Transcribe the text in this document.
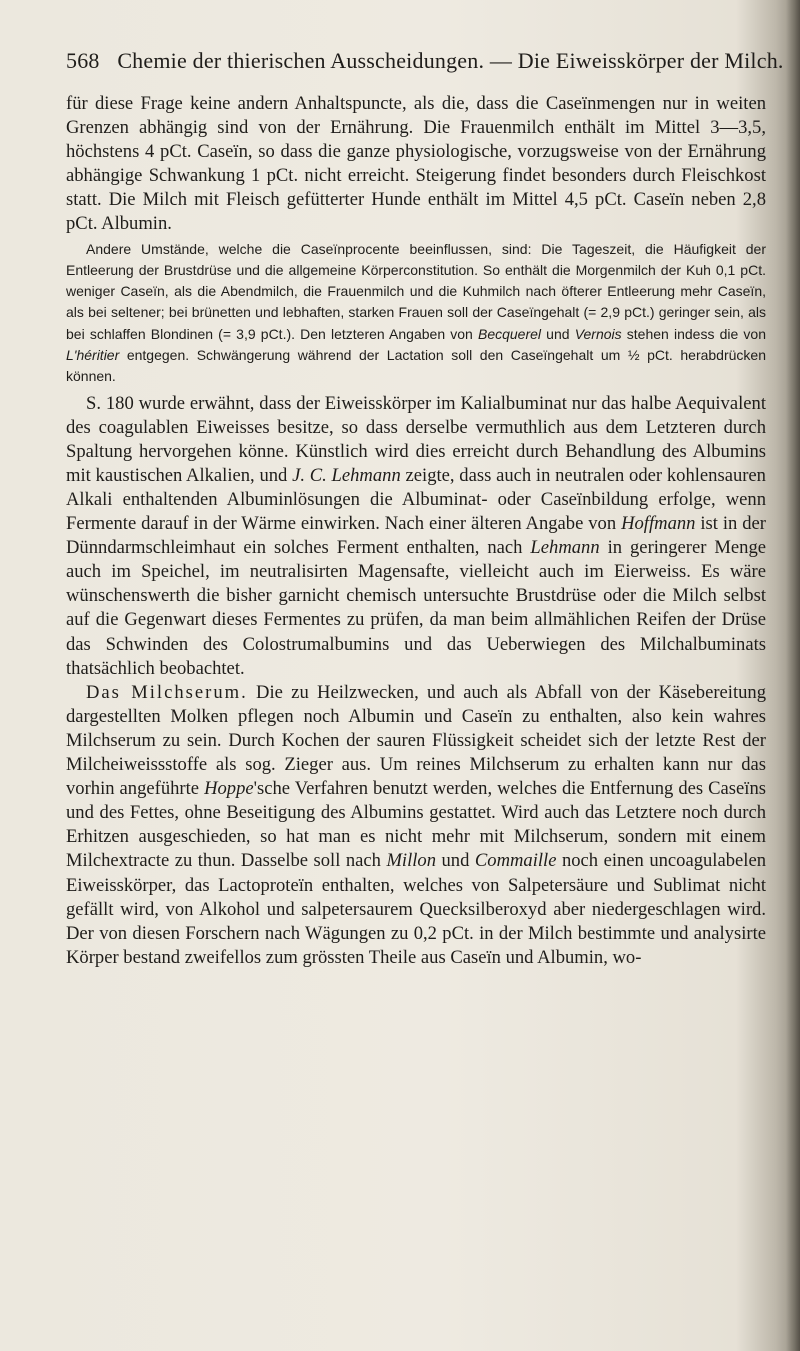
568 Chemie der thierischen Ausscheidungen. — Die Eiweisskörper der Milch.

für diese Frage keine andern Anhaltspuncte, als die, dass die Caseïnmengen nur in weiten Grenzen abhängig sind von der Ernährung. Die Frauenmilch enthält im Mittel 3—3,5, höchstens 4 pCt. Caseïn, so dass die ganze physiologische, vorzugsweise von der Ernährung abhängige Schwankung 1 pCt. nicht erreicht. Steigerung findet besonders durch Fleischkost statt. Die Milch mit Fleisch gefütterter Hunde enthält im Mittel 4,5 pCt. Caseïn neben 2,8 pCt. Albumin.

Andere Umstände, welche die Caseïnprocente beeinflussen, sind: Die Tageszeit, die Häufigkeit der Entleerung der Brustdrüse und die allgemeine Körperconstitution. So enthält die Morgenmilch der Kuh 0,1 pCt. weniger Caseïn, als die Abendmilch, die Frauenmilch und die Kuhmilch nach öfterer Entleerung mehr Caseïn, als bei seltener; bei brünetten und lebhaften, starken Frauen soll der Caseïngehalt (= 2,9 pCt.) geringer sein, als bei schlaffen Blondinen (= 3,9 pCt.). Den letzteren Angaben von Becquerel und Vernois stehen indess die von L'héritier entgegen. Schwängerung während der Lactation soll den Caseïngehalt um ½ pCt. herabdrücken können.

S. 180 wurde erwähnt, dass der Eiweisskörper im Kalialbuminat nur das halbe Aequivalent des coagulablen Eiweisses besitze, so dass derselbe vermuthlich aus dem Letzteren durch Spaltung hervorgehen könne. Künstlich wird dies erreicht durch Behandlung des Albumins mit kaustischen Alkalien, und J. C. Lehmann zeigte, dass auch in neutralen oder kohlensauren Alkali enthaltenden Albuminlösungen die Albuminat- oder Caseïnbildung erfolge, wenn Fermente darauf in der Wärme einwirken. Nach einer älteren Angabe von Hoffmann ist in der Dünndarmschleimhaut ein solches Ferment enthalten, nach Lehmann in geringerer Menge auch im Speichel, im neutralisirten Magensafte, vielleicht auch im Eierweiss. Es wäre wünschenswerth die bisher garnicht chemisch untersuchte Brustdrüse oder die Milch selbst auf die Gegenwart dieses Fermentes zu prüfen, da man beim allmählichen Reifen der Drüse das Schwinden des Colostrumalbumins und das Ueberwiegen des Milchalbuminats thatsächlich beobachtet.

Das Milchserum. Die zu Heilzwecken, und auch als Abfall von der Käsebereitung dargestellten Molken pflegen noch Albumin und Caseïn zu enthalten, also kein wahres Milchserum zu sein. Durch Kochen der sauren Flüssigkeit scheidet sich der letzte Rest der Milcheiweissstoffe als sog. Zieger aus. Um reines Milchserum zu erhalten kann nur das vorhin angeführte Hoppe'sche Verfahren benutzt werden, welches die Entfernung des Caseïns und des Fettes, ohne Beseitigung des Albumins gestattet. Wird auch das Letztere noch durch Erhitzen ausgeschieden, so hat man es nicht mehr mit Milchserum, sondern mit einem Milchextracte zu thun. Dasselbe soll nach Millon und Commaille noch einen uncoagulabelen Eiweisskörper, das Lactoproteïn enthalten, welches von Salpetersäure und Sublimat nicht gefällt wird, von Alkohol und salpetersaurem Quecksilberoxyd aber niedergeschlagen wird. Der von diesen Forschern nach Wägungen zu 0,2 pCt. in der Milch bestimmte und analysirte Körper bestand zweifellos zum grössten Theile aus Caseïn und Albumin, wo-
